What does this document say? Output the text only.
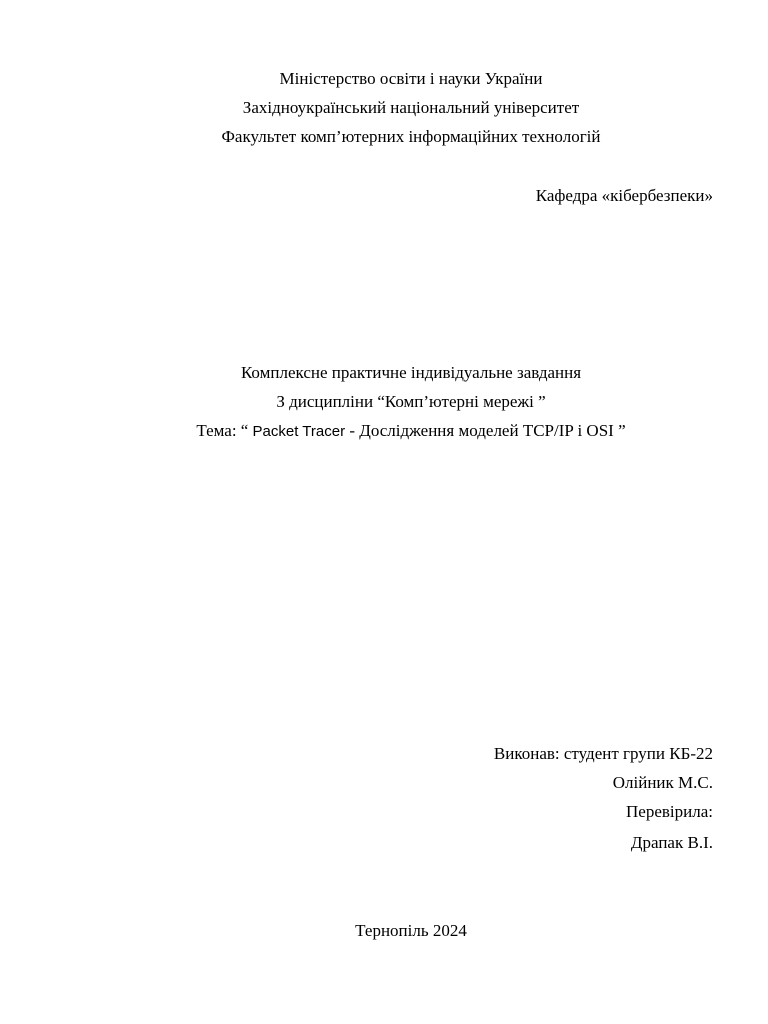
Міністерство освіти і науки України
Західноукраїнський національний університет
Факультет комп’ютерних інформаційних технологій
Кафедра «кібербезпеки»
Комплексне практичне індивідуальне завдання
З дисципліни “Комп’ютерні мережі ”
Тема: “ Packet Tracer - Дослідження моделей TCP/IP і OSI ”
Виконав: студент групи КБ-22
Олійник М.С.
Перевірила:
Драпак В.І.
Тернопіль 2024
